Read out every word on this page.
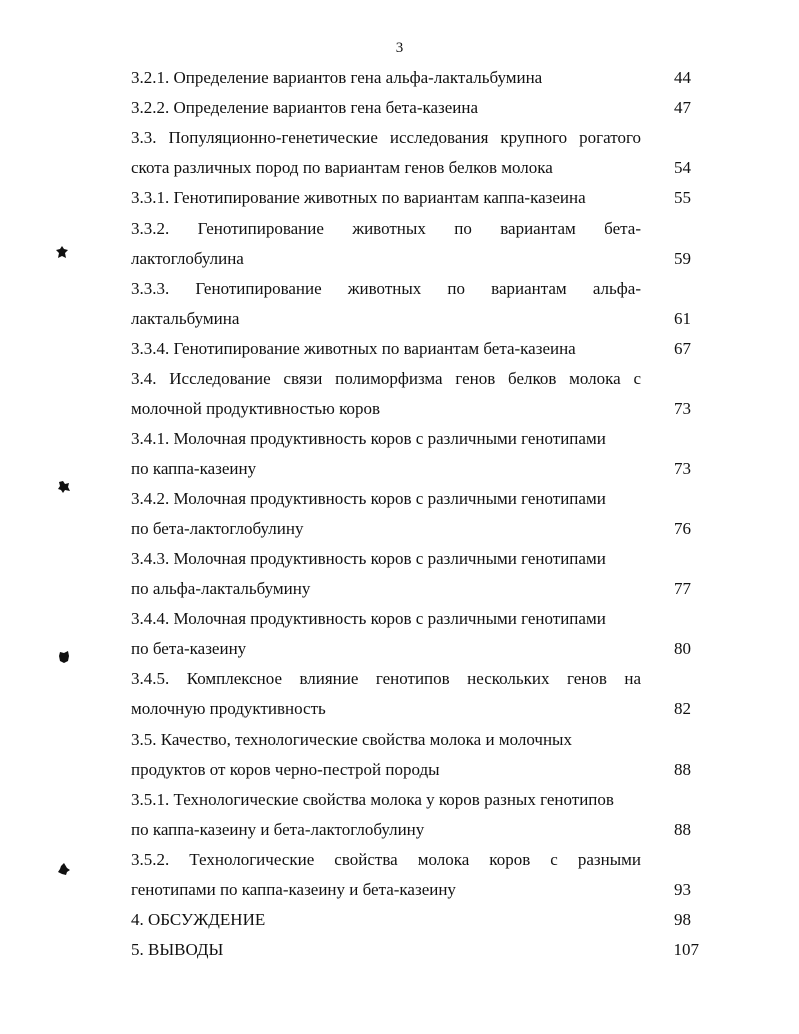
3
3.2.1. Определение вариантов гена альфа-лактальбумина	44
3.2.2. Определение вариантов гена бета-казеина	47
3.3. Популяционно-генетические исследования крупного рогатого
скота различных пород по вариантам генов белков молока	54
3.3.1. Генотипирование животных по вариантам каппа-казеина	55
3.3.2. Генотипирование животных по вариантам бета-
лактоглобулина	59
3.3.3. Генотипирование животных по вариантам альфа-
лактальбумина	61
3.3.4. Генотипирование животных по вариантам бета-казеина	67
3.4. Исследование связи полиморфизма генов белков молока с
молочной продуктивностью коров	73
3.4.1. Молочная продуктивность коров с различными генотипами
по каппа-казеину	73
3.4.2. Молочная продуктивность коров с различными генотипами
по бета-лактоглобулину	76
3.4.3. Молочная продуктивность коров с различными генотипами
по альфа-лактальбумину	77
3.4.4. Молочная продуктивность коров с различными генотипами
по бета-казеину	80
3.4.5. Комплексное влияние генотипов нескольких генов на
молочную продуктивность	82
3.5. Качество, технологические свойства молока и молочных
продуктов от коров черно-пестрой породы	88
3.5.1. Технологические свойства молока у коров разных генотипов
по каппа-казеину и бета-лактоглобулину	88
3.5.2. Технологические свойства молока коров с разными
генотипами по каппа-казеину и бета-казеину	93
4. ОБСУЖДЕНИЕ	98
5. ВЫВОДЫ	107
